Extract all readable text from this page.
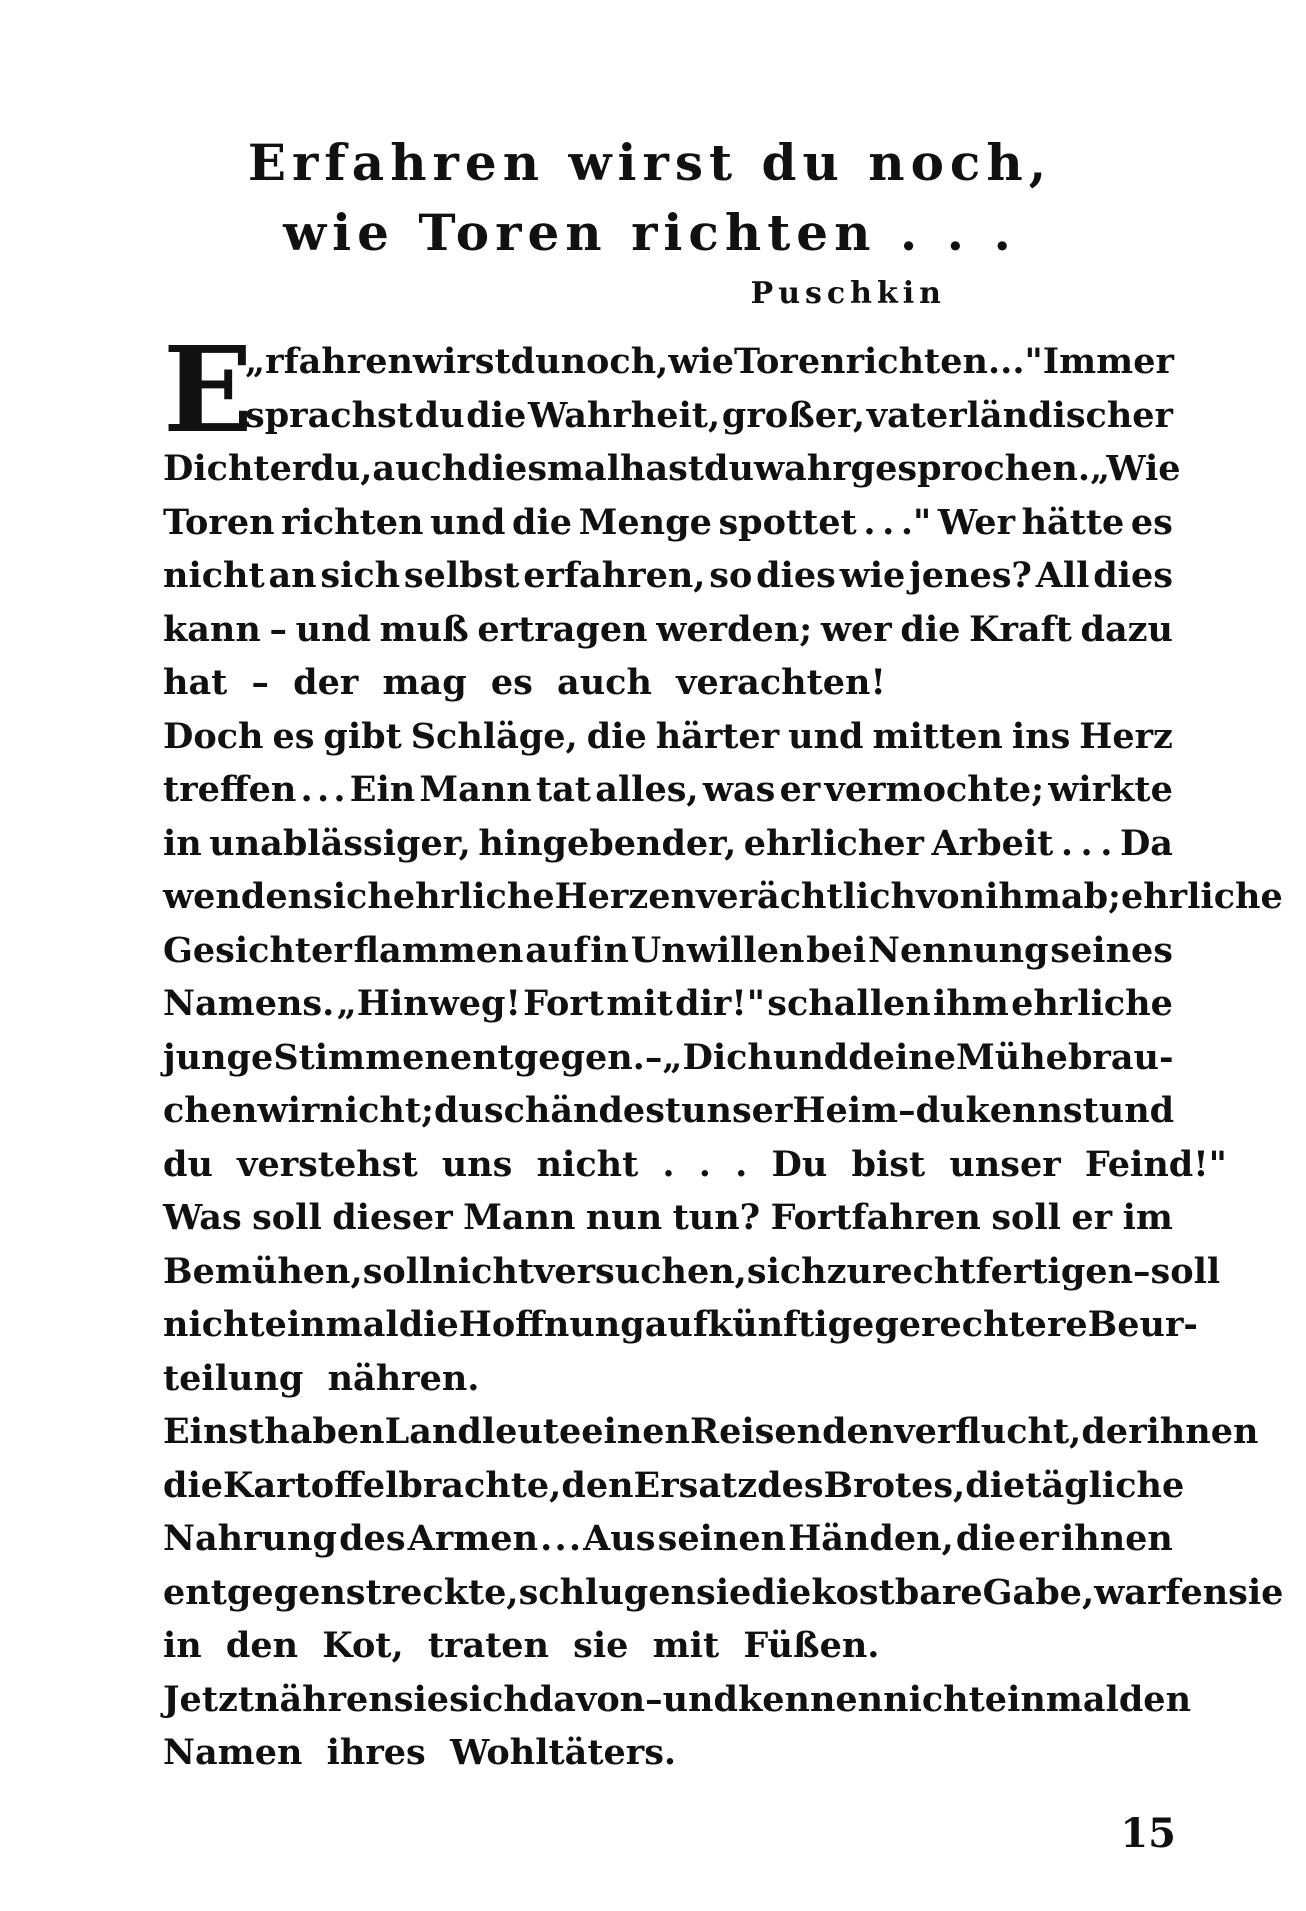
Erfahren wirst du noch,
wie Toren richten . . .
Puschkin
E
„rfahren wirst du noch, wie Toren richten . . ." Immer
sprachst du die Wahrheit, großer, vaterländischer
Dichter du, auch diesmal hast du wahr gesprochen. „Wie
Toren richten und die Menge spottet . . ." Wer hätte es
nicht an sich selbst erfahren, so dies wie jenes? All dies
kann – und muß ertragen werden; wer die Kraft dazu
hat – der mag es auch verachten!
Doch es gibt Schläge, die härter und mitten ins Herz
treffen . . . Ein Mann tat alles, was er vermochte; wirkte
in unablässiger, hingebender, ehrlicher Arbeit . . . Da
wenden sich ehrliche Herzen verächtlich von ihm ab; ehrliche
Gesichter flammen auf in Unwillen bei Nennung seines
Namens. „Hinweg! Fort mit dir!" schallen ihm ehrliche
junge Stimmen entgegen. – „Dich und deine Mühe brau-
chen wir nicht; du schändest unser Heim – du kennst und
du verstehst uns nicht . . . Du bist unser Feind!"
Was soll dieser Mann nun tun? Fortfahren soll er im
Bemühen, soll nicht versuchen, sich zu rechtfertigen – soll
nicht einmal die Hoffnung auf künftige gerechtere Beur-
teilung nähren.
Einst haben Landleute einen Reisenden verflucht, der ihnen
die Kartoffel brachte, den Ersatz des Brotes, die tägliche
Nahrung des Armen . . . Aus seinen Händen, die er ihnen
entgegenstreckte, schlugen sie die kostbare Gabe, warfen sie
in den Kot, traten sie mit Füßen.
Jetzt nähren sie sich davon – und kennen nicht einmal den
Namen ihres Wohltäters.
15
